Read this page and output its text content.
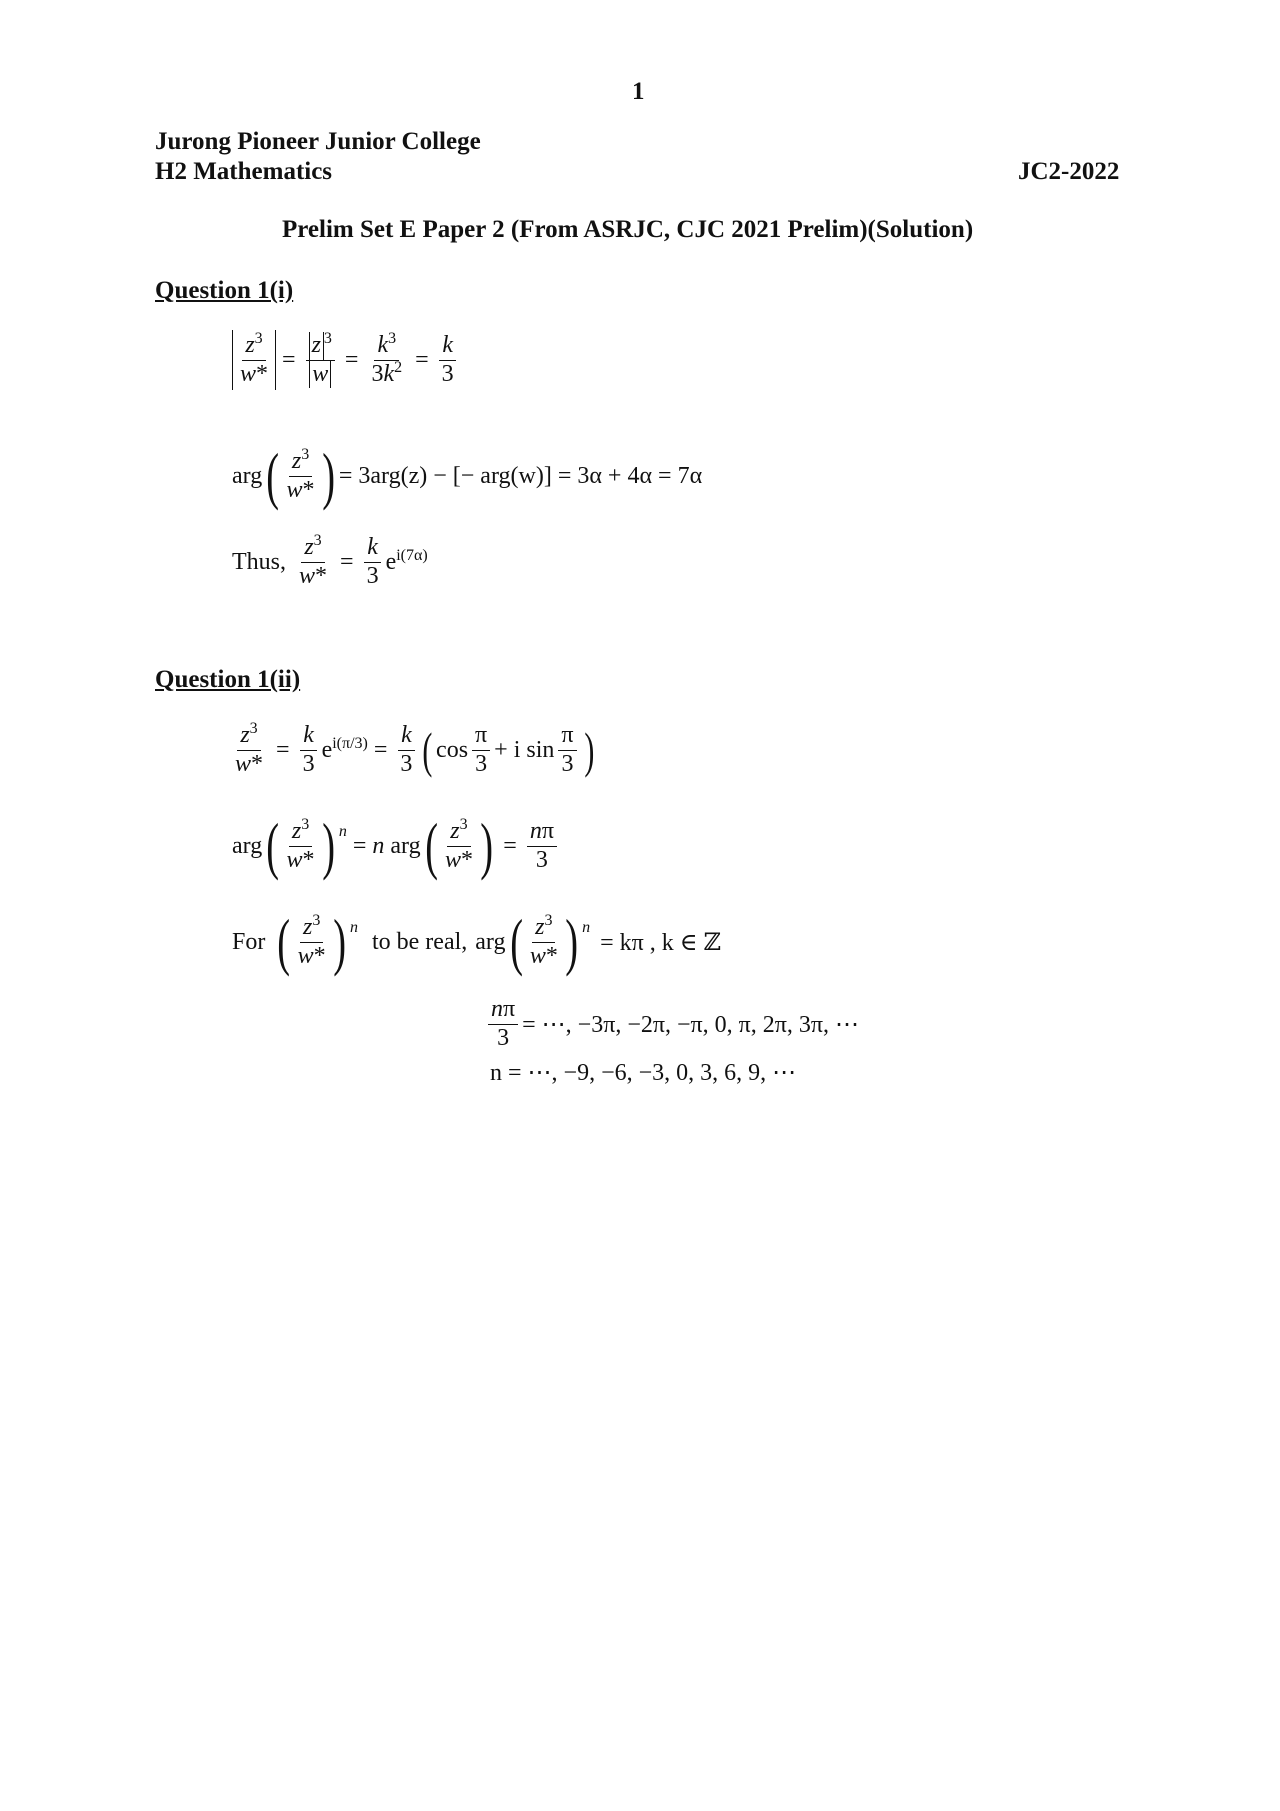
1
Jurong Pioneer Junior College
H2 Mathematics	JC2-2022
Prelim Set E Paper 2 (From ASRJC, CJC 2021 Prelim)(Solution)
Question 1(i)
$\frac{z^3}{w*} = \frac{z ^3}{w} = \frac{k^3}{3k^2} = \frac{k}{3}$
arg ( $\frac{z^3}{w*}$ ) = 3arg(z) − [− arg(w)] = 3α + 4α = 7α
Thus, $\frac{z^3}{w*} = \frac{k}{3} e^{i(7\alpha)}$
Question 1(ii)
$\frac{z^3}{w*} = \frac{k}{3} e^{i(\pi/3)} = \frac{k}{3}$ ( $\cos \frac{\pi}{3} + i$ $\sin \frac{\pi}{3}$ )
arg ( $\frac{z^3}{w*}$ ) n
= n arg ( $\frac{z^3}{w*}$ ) = $\frac{n\pi}{3}$
For ( $\frac{z^3}{w*}$ ) n
to be real, arg ( $\frac{z^3}{w*}$ ) n
= kπ , k ∈ ℤ
$\frac{n\pi}{3}$ = ⋯, −3π, −2π, −π, 0, π, 2π, 3π, ⋯
n = ⋯, −9, −6, −3, 0, 3, 6, 9, ⋯
